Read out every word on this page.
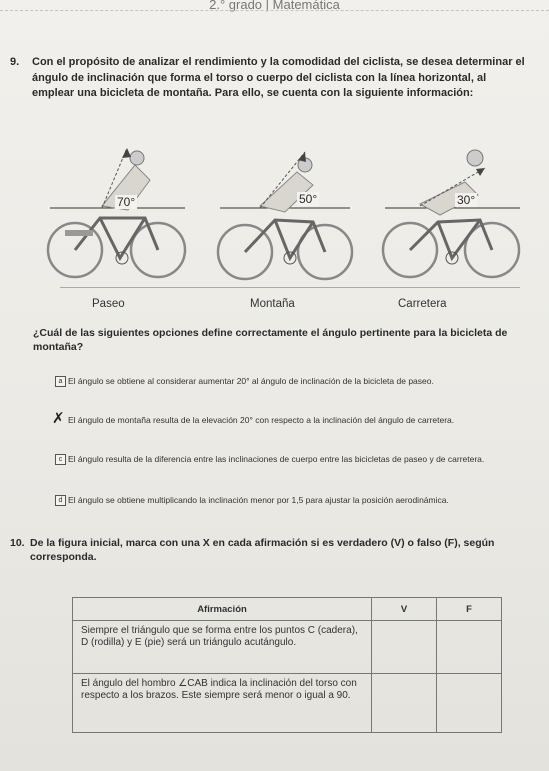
2.° grado | Matemática
9. Con el propósito de analizar el rendimiento y la comodidad del ciclista, se desea determinar el ángulo de inclinación que forma el torso o cuerpo del ciclista con la línea horizontal, al emplear una bicicleta de montaña. Para ello, se cuenta con la siguiente información:
70°	50°	30°
Paseo	Montaña	Carretera
¿Cuál de las siguientes opciones define correctamente el ángulo pertinente para la bicicleta de montaña?
a El ángulo se obtiene al considerar aumentar 20° al ángulo de inclinación de la bicicleta de paseo.
✗ El ángulo de montaña resulta de la elevación 20° con respecto a la inclinación del ángulo de carretera.
c El ángulo resulta de la diferencia entre las inclinaciones de cuerpo entre las bicicletas de paseo y de carretera.
d El ángulo se obtiene multiplicando la inclinación menor por 1,5 para ajustar la posición aerodinámica.
10. De la figura inicial, marca con una X en cada afirmación si es verdadero (V) o falso (F), según corresponda.
Afirmación	V	F
Siempre el triángulo que se forma entre los puntos C (cadera), D (rodilla) y E (pie) será un triángulo acutángulo.		
El ángulo del hombro ∠CAB indica la inclinación del torso con respecto a los brazos. Este siempre será menor o igual a 90.		
